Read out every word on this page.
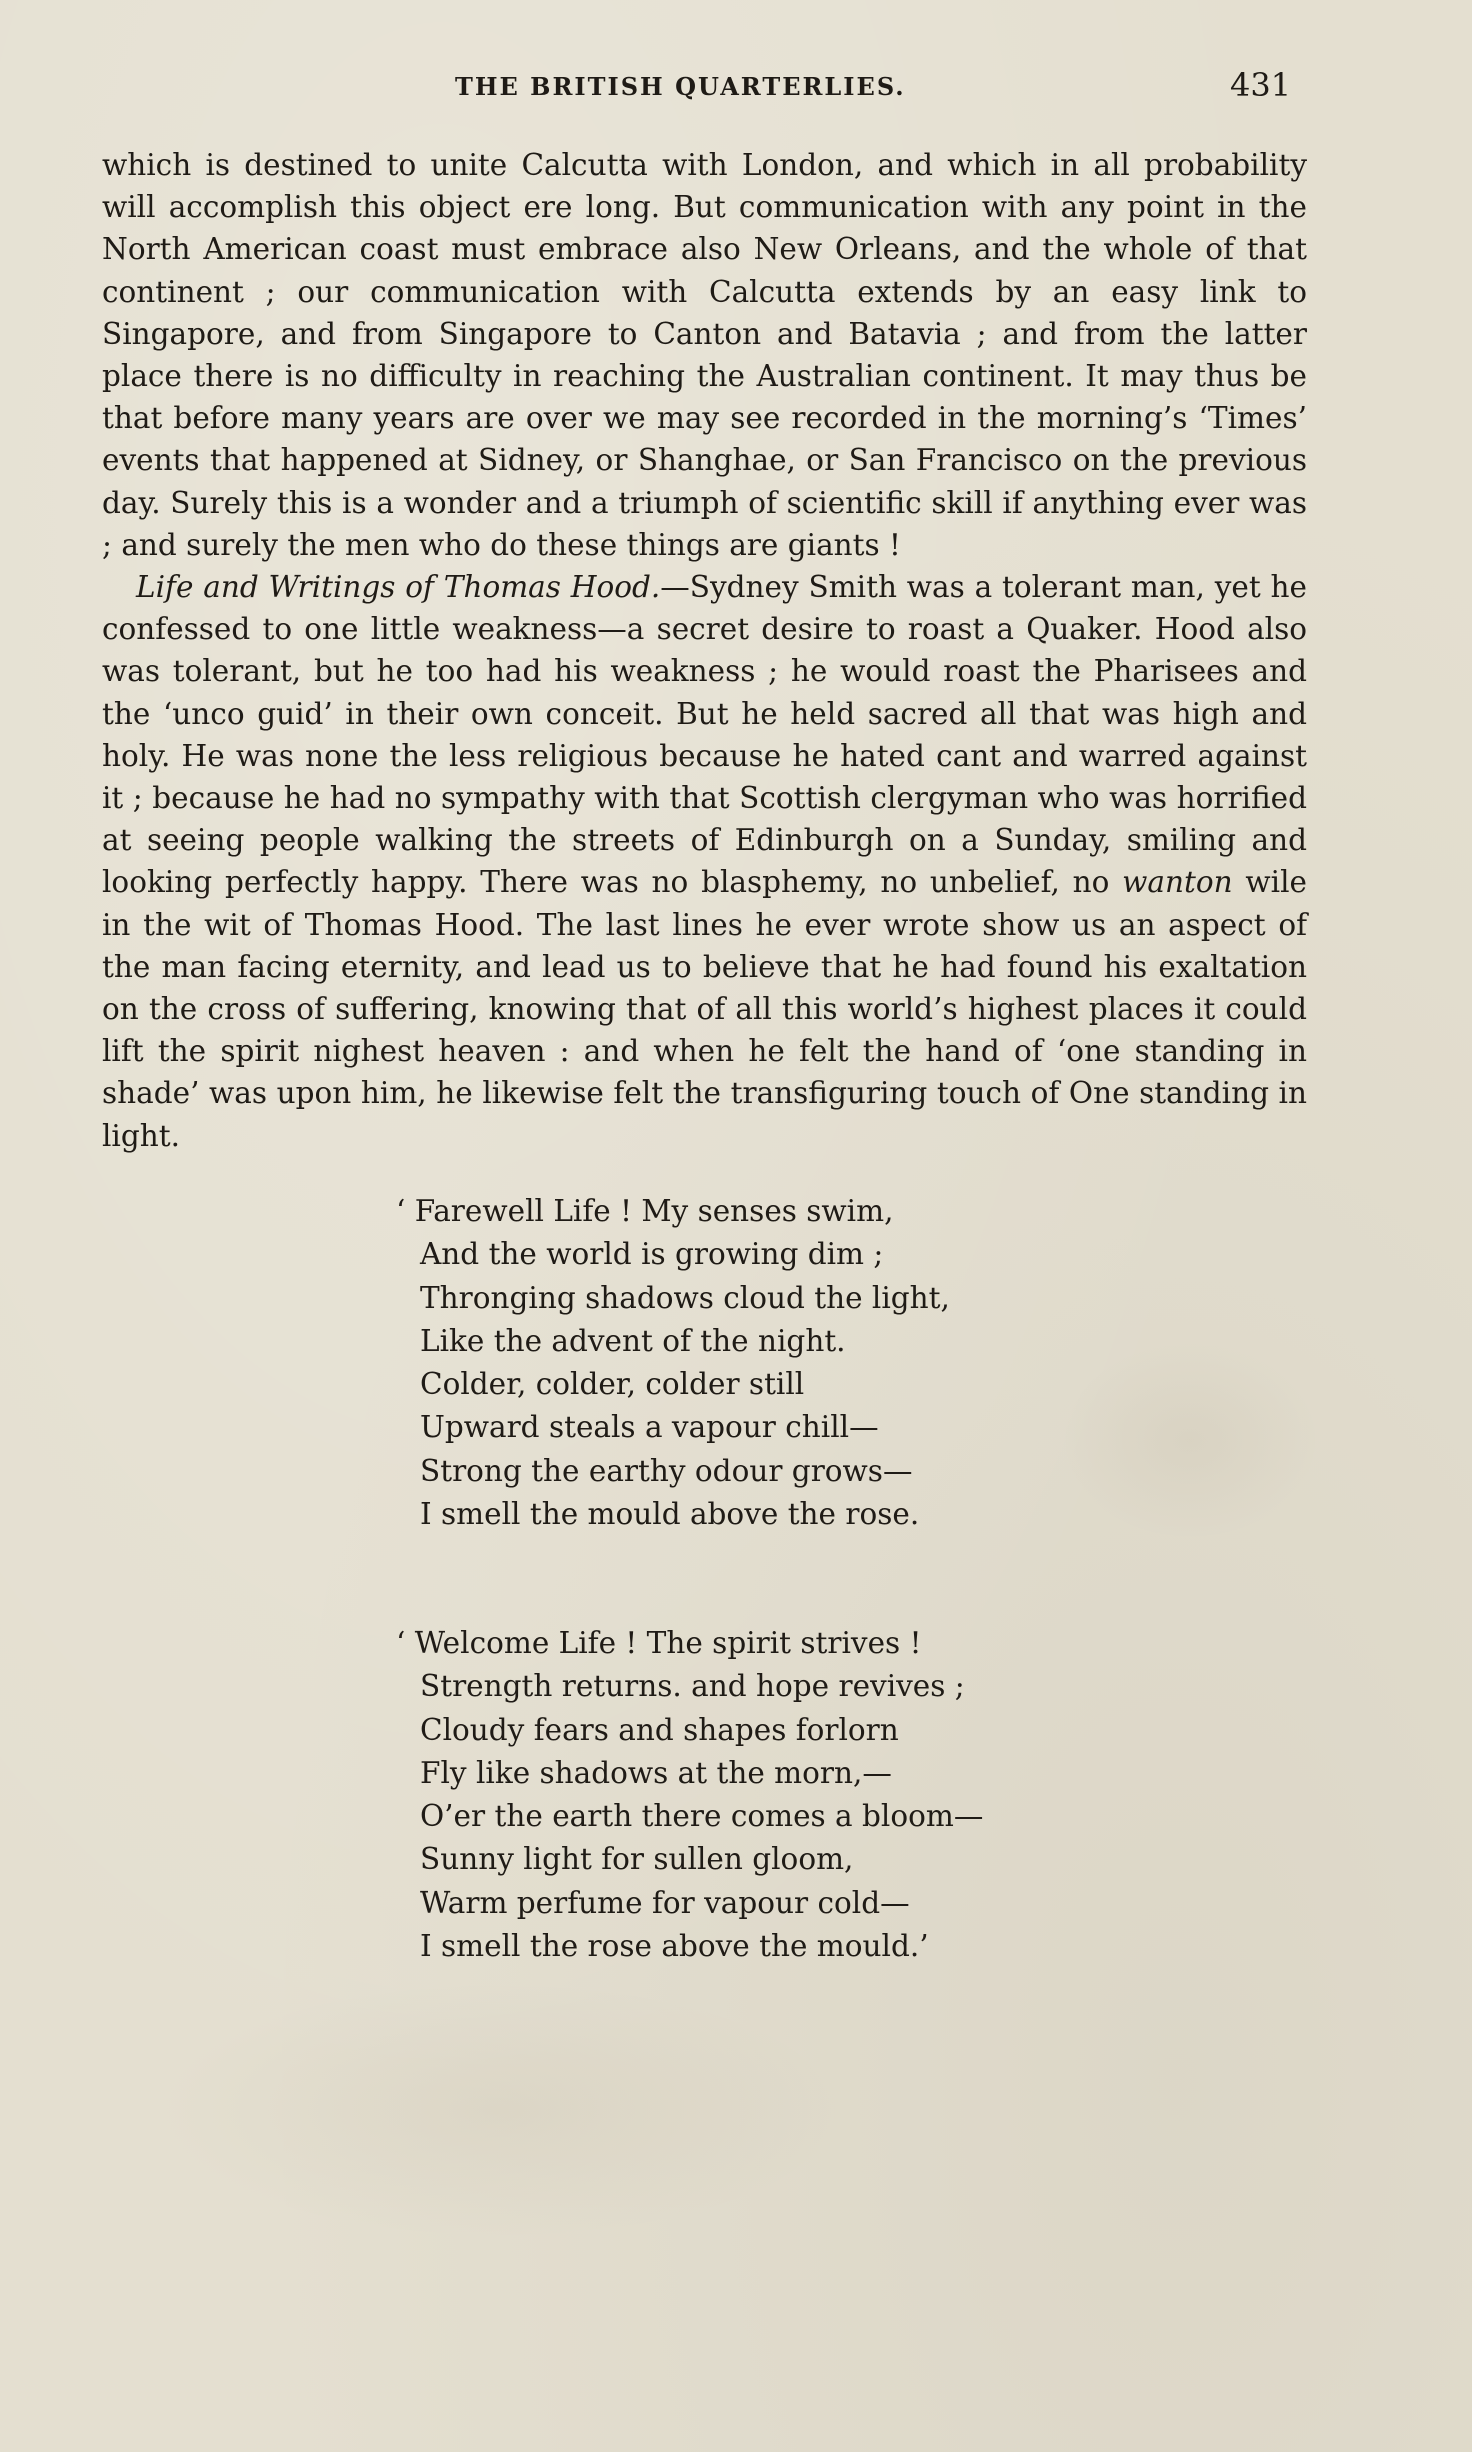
THE BRITISH QUARTERLIES.	431

which is destined to unite Calcutta with London, and which in all probability will accomplish this object ere long. But communication with any point in the North American coast must embrace also New Orleans, and the whole of that continent ; our communication with Calcutta extends by an easy link to Singapore, and from Singapore to Canton and Batavia ; and from the latter place there is no difficulty in reaching the Australian continent. It may thus be that before many years are over we may see recorded in the morning’s ‘Times’ events that happened at Sidney, or Shanghae, or San Francisco on the previous day. Surely this is a wonder and a triumph of scientific skill if anything ever was ; and surely the men who do these things are giants !

Life and Writings of Thomas Hood.—Sydney Smith was a tolerant man, yet he confessed to one little weakness—a secret desire to roast a Quaker. Hood also was tolerant, but he too had his weakness ; he would roast the Pharisees and the ‘unco guid’ in their own conceit. But he held sacred all that was high and holy. He was none the less religious because he hated cant and warred against it ; because he had no sympathy with that Scottish clergyman who was horrified at seeing people walking the streets of Edinburgh on a Sunday, smiling and looking perfectly happy. There was no blasphemy, no unbelief, no wanton wile in the wit of Thomas Hood. The last lines he ever wrote show us an aspect of the man facing eternity, and lead us to believe that he had found his exaltation on the cross of suffering, knowing that of all this world’s highest places it could lift the spirit nighest heaven : and when he felt the hand of ‘one standing in shade’ was upon him, he likewise felt the transfiguring touch of One standing in light.

‘ Farewell Life ! My senses swim,
And the world is growing dim ;
Thronging shadows cloud the light,
Like the advent of the night.
Colder, colder, colder still
Upward steals a vapour chill—
Strong the earthy odour grows—
I smell the mould above the rose.
‘ Welcome Life ! The spirit strives !
Strength returns. and hope revives ;
Cloudy fears and shapes forlorn
Fly like shadows at the morn,—
O’er the earth there comes a bloom—
Sunny light for sullen gloom,
Warm perfume for vapour cold—
I smell the rose above the mould.’
